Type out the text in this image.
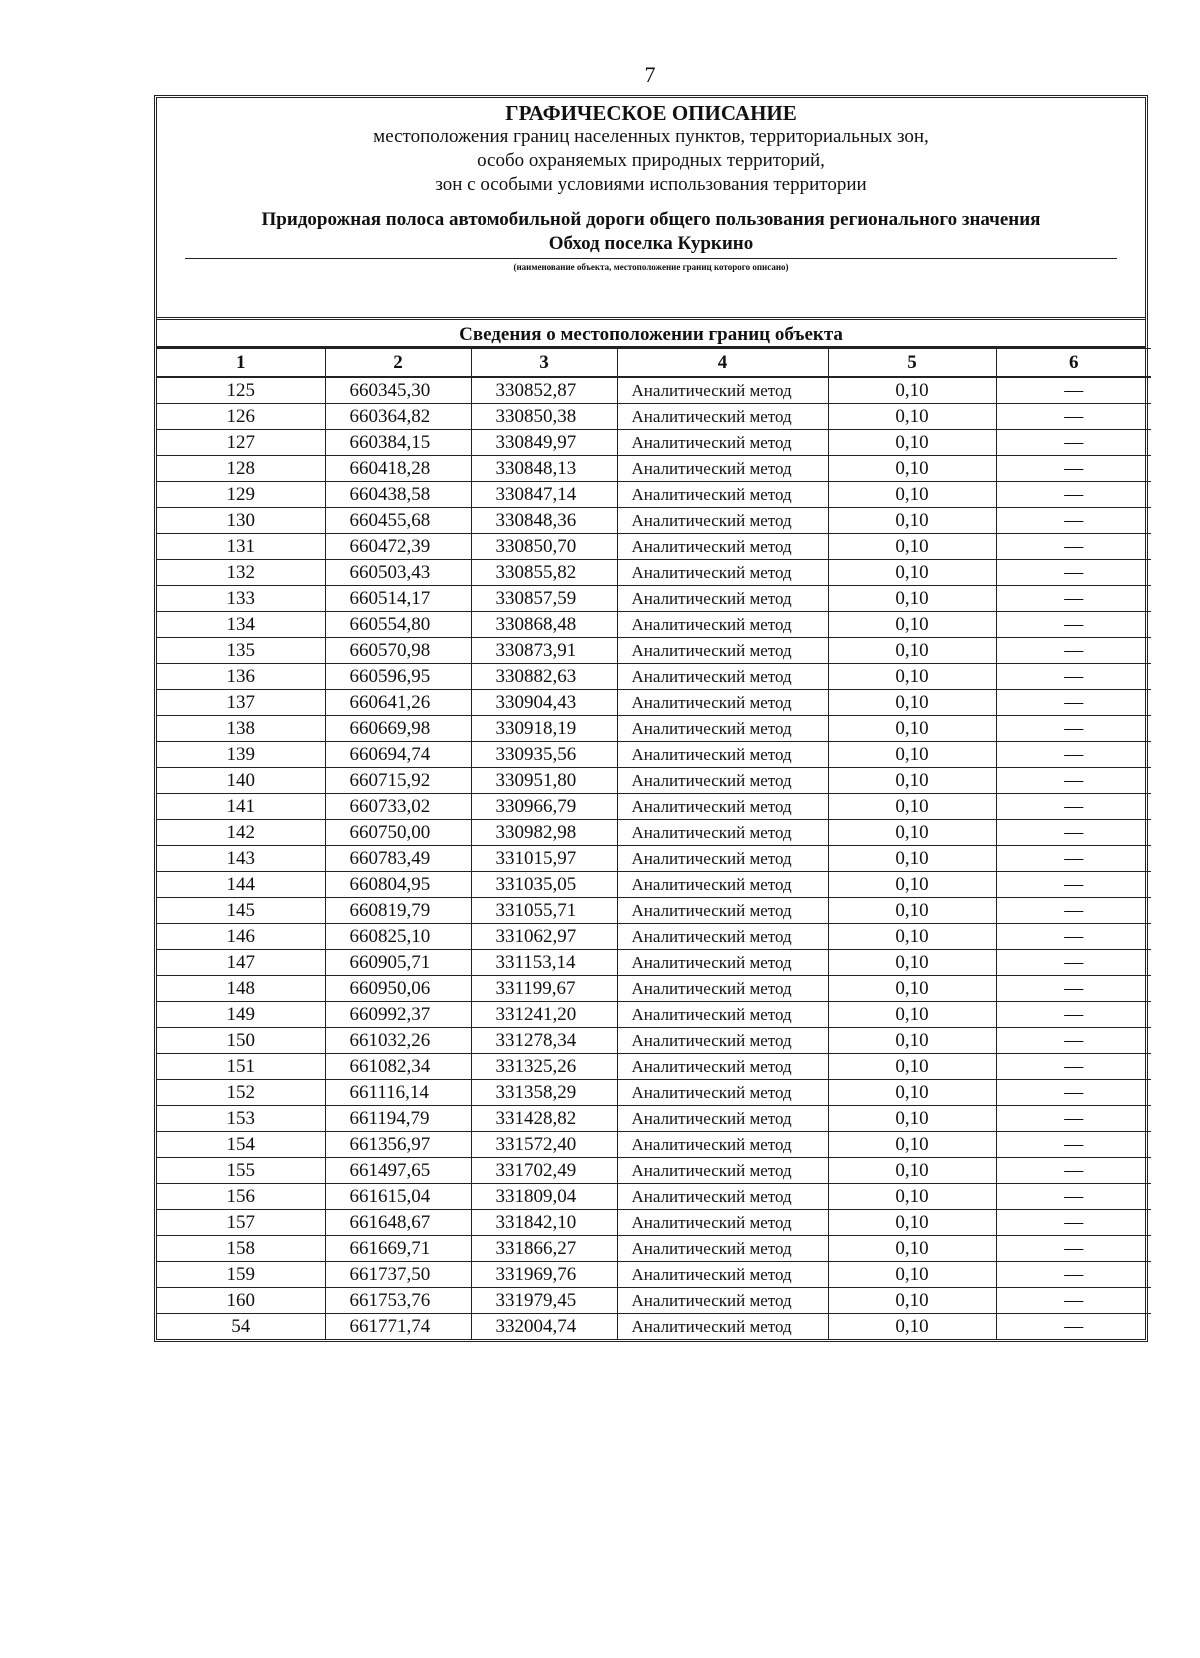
7
ГРАФИЧЕСКОЕ ОПИСАНИЕ
местоположения границ населенных пунктов, территориальных зон,
особо охраняемых природных территорий,
зон с особыми условиями использования территории
Придорожная полоса автомобильной дороги общего пользования регионального значения
Обход поселка Куркино
(наименование объекта, местоположение границ которого описано)
Сведения о местоположении границ объекта
1	2	3	4	5	6
125	660345,30	330852,87	Аналитический метод	0,10	—
126	660364,82	330850,38	Аналитический метод	0,10	—
127	660384,15	330849,97	Аналитический метод	0,10	—
128	660418,28	330848,13	Аналитический метод	0,10	—
129	660438,58	330847,14	Аналитический метод	0,10	—
130	660455,68	330848,36	Аналитический метод	0,10	—
131	660472,39	330850,70	Аналитический метод	0,10	—
132	660503,43	330855,82	Аналитический метод	0,10	—
133	660514,17	330857,59	Аналитический метод	0,10	—
134	660554,80	330868,48	Аналитический метод	0,10	—
135	660570,98	330873,91	Аналитический метод	0,10	—
136	660596,95	330882,63	Аналитический метод	0,10	—
137	660641,26	330904,43	Аналитический метод	0,10	—
138	660669,98	330918,19	Аналитический метод	0,10	—
139	660694,74	330935,56	Аналитический метод	0,10	—
140	660715,92	330951,80	Аналитический метод	0,10	—
141	660733,02	330966,79	Аналитический метод	0,10	—
142	660750,00	330982,98	Аналитический метод	0,10	—
143	660783,49	331015,97	Аналитический метод	0,10	—
144	660804,95	331035,05	Аналитический метод	0,10	—
145	660819,79	331055,71	Аналитический метод	0,10	—
146	660825,10	331062,97	Аналитический метод	0,10	—
147	660905,71	331153,14	Аналитический метод	0,10	—
148	660950,06	331199,67	Аналитический метод	0,10	—
149	660992,37	331241,20	Аналитический метод	0,10	—
150	661032,26	331278,34	Аналитический метод	0,10	—
151	661082,34	331325,26	Аналитический метод	0,10	—
152	661116,14	331358,29	Аналитический метод	0,10	—
153	661194,79	331428,82	Аналитический метод	0,10	—
154	661356,97	331572,40	Аналитический метод	0,10	—
155	661497,65	331702,49	Аналитический метод	0,10	—
156	661615,04	331809,04	Аналитический метод	0,10	—
157	661648,67	331842,10	Аналитический метод	0,10	—
158	661669,71	331866,27	Аналитический метод	0,10	—
159	661737,50	331969,76	Аналитический метод	0,10	—
160	661753,76	331979,45	Аналитический метод	0,10	—
54	661771,74	332004,74	Аналитический метод	0,10	—
